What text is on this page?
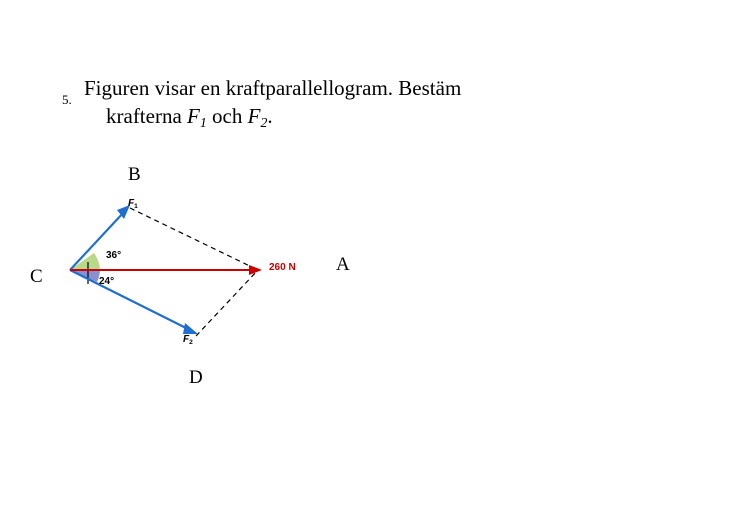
5. Figuren visar en kraftparallellogram. Bestäm
krafterna $F_1$ och $F_2$.
B
A
C
D
36°
24°
$F_1$
$F_2$
260 N
